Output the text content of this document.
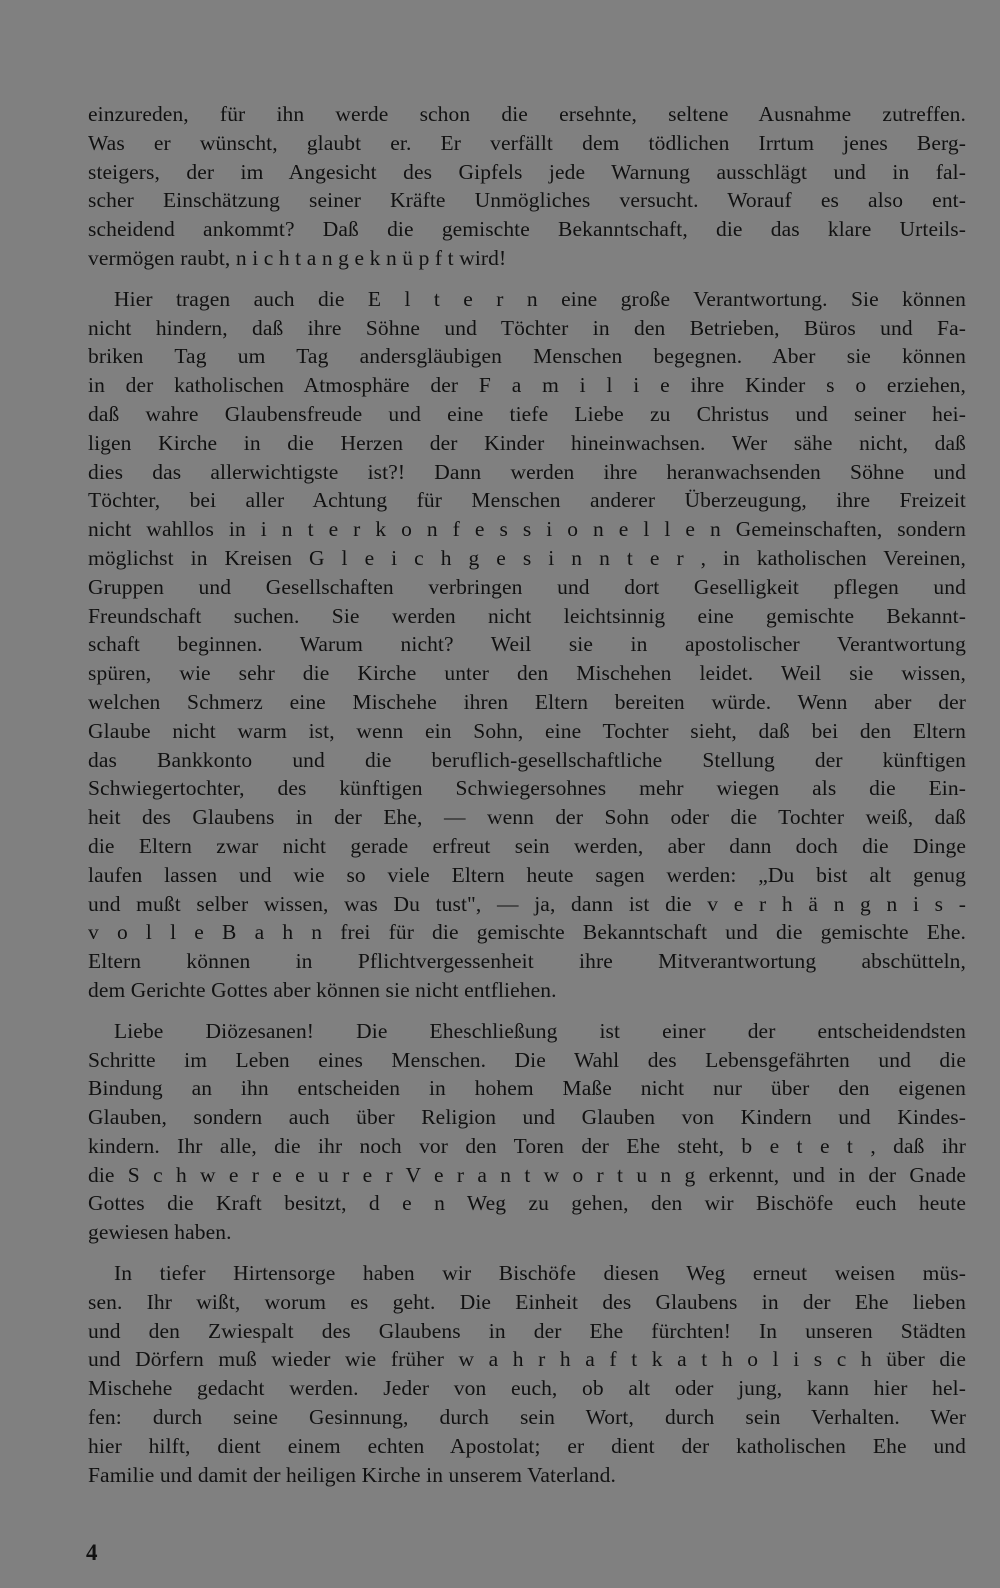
einzureden, für ihn werde schon die ersehnte, seltene Ausnahme zutreffen.
Was er wünscht, glaubt er. Er verfällt dem tödlichen Irrtum jenes Berg-
steigers, der im Angesicht des Gipfels jede Warnung ausschlägt und in fal-
scher Einschätzung seiner Kräfte Unmögliches versucht. Worauf es also ent-
scheidend ankommt? Daß die gemischte Bekanntschaft, die das klare Urteils-
vermögen raubt, n i c h t a n g e k n ü p f t wird!
Hier tragen auch die E l t e r n eine große Verantwortung. Sie können
nicht hindern, daß ihre Söhne und Töchter in den Betrieben, Büros und Fa-
briken Tag um Tag andersgläubigen Menschen begegnen. Aber sie können
in der katholischen Atmosphäre der F a m i l i e ihre Kinder s o erziehen,
daß wahre Glaubensfreude und eine tiefe Liebe zu Christus und seiner hei-
ligen Kirche in die Herzen der Kinder hineinwachsen. Wer sähe nicht, daß
dies das allerwichtigste ist?! Dann werden ihre heranwachsenden Söhne und
Töchter, bei aller Achtung für Menschen anderer Überzeugung, ihre Freizeit
nicht wahllos in i n t e r k o n f e s s i o n e l l e n Gemeinschaften, sondern
möglichst in Kreisen G l e i c h g e s i n n t e r , in katholischen Vereinen,
Gruppen und Gesellschaften verbringen und dort Geselligkeit pflegen und
Freundschaft suchen. Sie werden nicht leichtsinnig eine gemischte Bekannt-
schaft beginnen. Warum nicht? Weil sie in apostolischer Verantwortung
spüren, wie sehr die Kirche unter den Mischehen leidet. Weil sie wissen,
welchen Schmerz eine Mischehe ihren Eltern bereiten würde. Wenn aber der
Glaube nicht warm ist, wenn ein Sohn, eine Tochter sieht, daß bei den Eltern
das Bankkonto und die beruflich-gesellschaftliche Stellung der künftigen
Schwiegertochter, des künftigen Schwiegersohnes mehr wiegen als die Ein-
heit des Glaubens in der Ehe, — wenn der Sohn oder die Tochter weiß, daß
die Eltern zwar nicht gerade erfreut sein werden, aber dann doch die Dinge
laufen lassen und wie so viele Eltern heute sagen werden: „Du bist alt genug
und mußt selber wissen, was Du tust", — ja, dann ist die v e r h ä n g n i s -
v o l l e B a h n frei für die gemischte Bekanntschaft und die gemischte Ehe.
Eltern können in Pflichtvergessenheit ihre Mitverantwortung abschütteln,
dem Gerichte Gottes aber können sie nicht entfliehen.
Liebe Diözesanen! Die Eheschließung ist einer der entscheidendsten
Schritte im Leben eines Menschen. Die Wahl des Lebensgefährten und die
Bindung an ihn entscheiden in hohem Maße nicht nur über den eigenen
Glauben, sondern auch über Religion und Glauben von Kindern und Kindes-
kindern. Ihr alle, die ihr noch vor den Toren der Ehe steht, b e t e t , daß ihr
die S c h w e r e e u r e r V e r a n t w o r t u n g erkennt, und in der Gnade
Gottes die Kraft besitzt, d e n Weg zu gehen, den wir Bischöfe euch heute
gewiesen haben.
In tiefer Hirtensorge haben wir Bischöfe diesen Weg erneut weisen müs-
sen. Ihr wißt, worum es geht. Die Einheit des Glaubens in der Ehe lieben
und den Zwiespalt des Glaubens in der Ehe fürchten! In unseren Städten
und Dörfern muß wieder wie früher w a h r h a f t k a t h o l i s c h über die
Mischehe gedacht werden. Jeder von euch, ob alt oder jung, kann hier hel-
fen: durch seine Gesinnung, durch sein Wort, durch sein Verhalten. Wer
hier hilft, dient einem echten Apostolat; er dient der katholischen Ehe und
Familie und damit der heiligen Kirche in unserem Vaterland.
4
